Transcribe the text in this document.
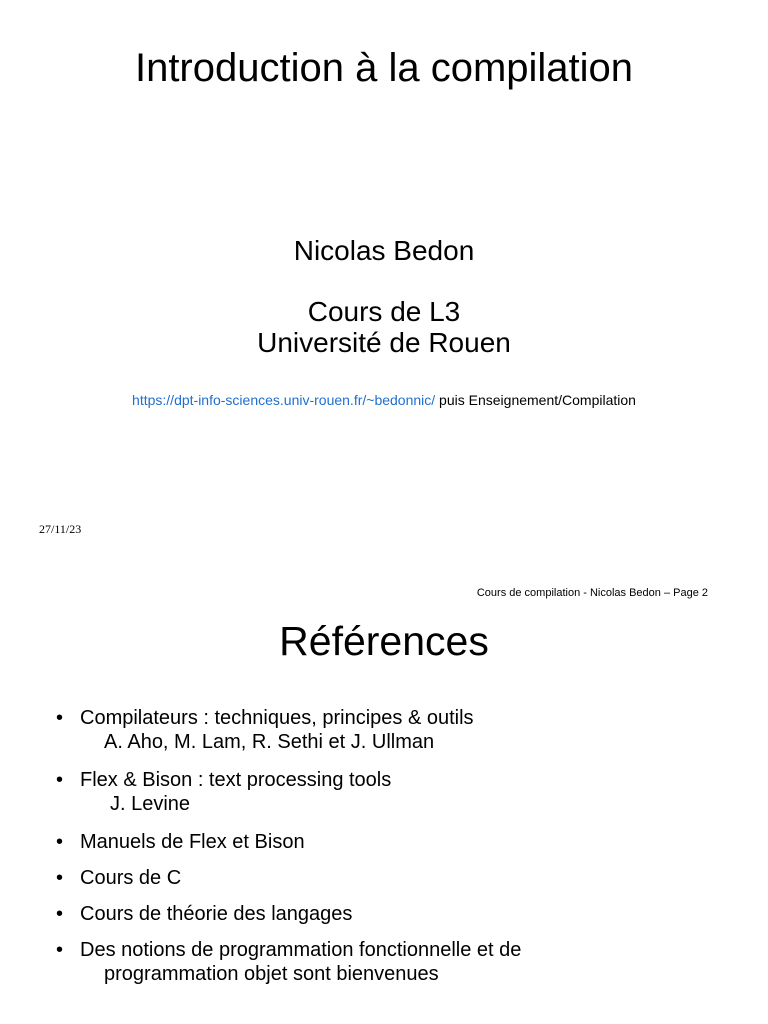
Introduction à la compilation
Nicolas Bedon
Cours de L3
Université de Rouen
https://dpt-info-sciences.univ-rouen.fr/~bedonnic/ puis Enseignement/Compilation
27/11/23
Cours de compilation - Nicolas Bedon – Page 2
Références
• Compilateurs : techniques, principes & outils
A. Aho, M. Lam, R. Sethi et J. Ullman
• Flex & Bison : text processing tools
J. Levine
• Manuels de Flex et Bison
• Cours de C
• Cours de théorie des langages
• Des notions de programmation fonctionnelle et de
programmation objet sont bienvenues
